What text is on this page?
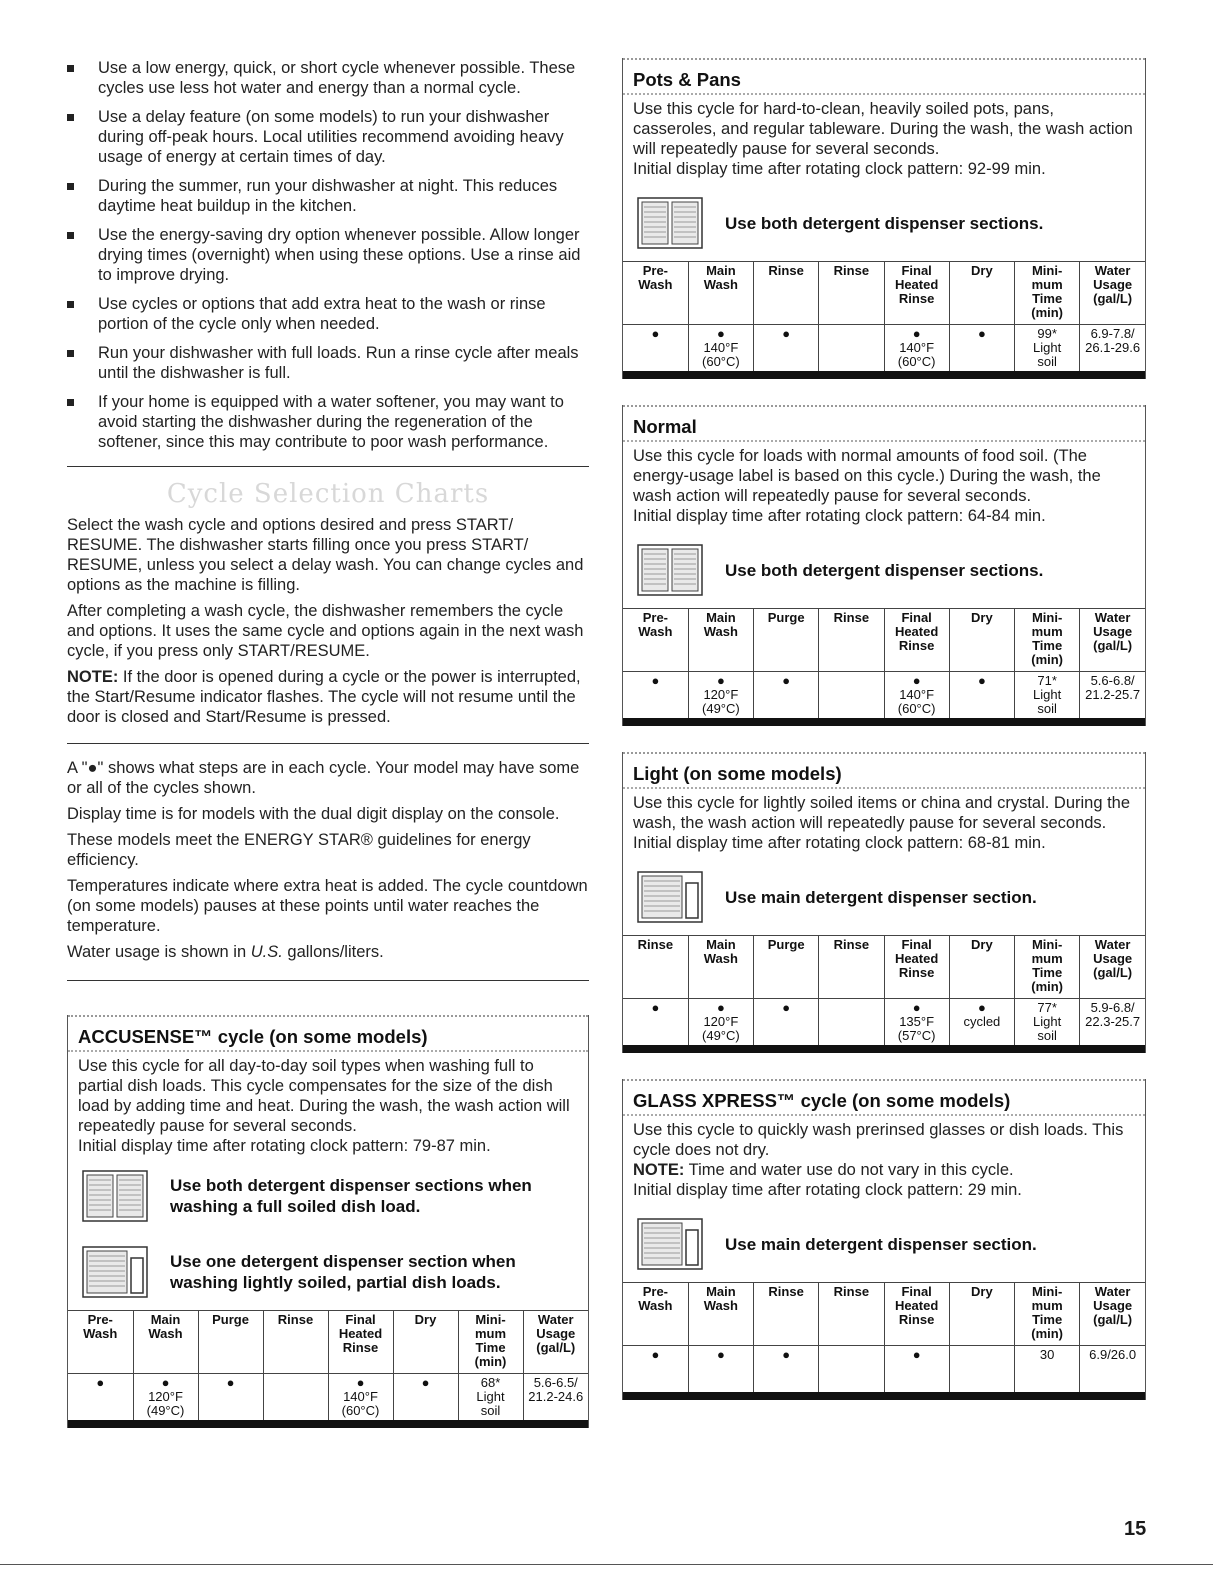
Use a low energy, quick, or short cycle whenever possible. These cycles use less hot water and energy than a normal cycle.
Use a delay feature (on some models) to run your dishwasher during off-peak hours. Local utilities recommend avoiding heavy usage of energy at certain times of day.
During the summer, run your dishwasher at night. This reduces daytime heat buildup in the kitchen.
Use the energy-saving dry option whenever possible. Allow longer drying times (overnight) when using these options. Use a rinse aid to improve drying.
Use cycles or options that add extra heat to the wash or rinse portion of the cycle only when needed.
Run your dishwasher with full loads. Run a rinse cycle after meals until the dishwasher is full.
If your home is equipped with a water softener, you may want to avoid starting the dishwasher during the regeneration of the softener, since this may contribute to poor wash performance.
Cycle Selection Charts

Select the wash cycle and options desired and press START/ RESUME. The dishwasher starts filling once you press START/ RESUME, unless you select a delay wash. You can change cycles and options as the machine is filling.

After completing a wash cycle, the dishwasher remembers the cycle and options. It uses the same cycle and options again in the next wash cycle, if you press only START/RESUME.

NOTE: If the door is opened during a cycle or the power is interrupted, the Start/Resume indicator flashes. The cycle will not resume until the door is closed and Start/Resume is pressed.

A "●" shows what steps are in each cycle. Your model may have some or all of the cycles shown.

Display time is for models with the dual digit display on the console.

These models meet the ENERGY STAR® guidelines for energy efficiency.

Temperatures indicate where extra heat is added. The cycle countdown (on some models) pauses at these points until water reaches the temperature.

Water usage is shown in U.S. gallons/liters.

ACCUSENSE™ cycle (on some models)

Use this cycle for all day-to-day soil types when washing full to partial dish loads. This cycle compensates for the size of the dish load by adding time and heat. During the wash, the wash action will repeatedly pause for several seconds.

Initial display time after rotating clock pattern: 79-87 min.

Use both detergent dispenser sections when washing a full soiled dish load.
Use one detergent dispenser section when washing lightly soiled, partial dish loads.
Pre-
Wash	Main
Wash	Purge	Rinse	Final
Heated
Rinse	Dry	Mini-
mum
Time
(min)	Water
Usage
(gal/L)
●	●
120°F
(49°C)	●		●
140°F
(60°C)	●	68*
Light
soil	5.6-6.5/
21.2-24.6
Pots & Pans

Use this cycle for hard-to-clean, heavily soiled pots, pans, casseroles, and regular tableware. During the wash, the wash action will repeatedly pause for several seconds.

Initial display time after rotating clock pattern: 92-99 min.

Use both detergent dispenser sections.
Pre-
Wash	Main
Wash	Rinse	Rinse	Final
Heated
Rinse	Dry	Mini-
mum
Time
(min)	Water
Usage
(gal/L)
●	●
140°F
(60°C)	●		●
140°F
(60°C)	●	99*
Light
soil	6.9-7.8/
26.1-29.6
Normal

Use this cycle for loads with normal amounts of food soil. (The energy-usage label is based on this cycle.) During the wash, the wash action will repeatedly pause for several seconds.

Initial display time after rotating clock pattern: 64-84 min.

Use both detergent dispenser sections.
Pre-
Wash	Main
Wash	Purge	Rinse	Final
Heated
Rinse	Dry	Mini-
mum
Time
(min)	Water
Usage
(gal/L)
●	●
120°F
(49°C)	●		●
140°F
(60°C)	●	71*
Light
soil	5.6-6.8/
21.2-25.7
Light (on some models)

Use this cycle for lightly soiled items or china and crystal. During the wash, the wash action will repeatedly pause for several seconds.

Initial display time after rotating clock pattern: 68-81 min.

Use main detergent dispenser section.
Rinse	Main
Wash	Purge	Rinse	Final
Heated
Rinse	Dry	Mini-
mum
Time
(min)	Water
Usage
(gal/L)
●	●
120°F
(49°C)	●		●
135°F
(57°C)	●
cycled	77*
Light
soil	5.9-6.8/
22.3-25.7
GLASS XPRESS™ cycle (on some models)

Use this cycle to quickly wash prerinsed glasses or dish loads. This cycle does not dry.

NOTE: Time and water use do not vary in this cycle.

Initial display time after rotating clock pattern: 29 min.

Use main detergent dispenser section.
Pre-
Wash	Main
Wash	Rinse	Rinse	Final
Heated
Rinse	Dry	Mini-
mum
Time
(min)	Water
Usage
(gal/L)
●	●	●		●		30	6.9/26.0
15
